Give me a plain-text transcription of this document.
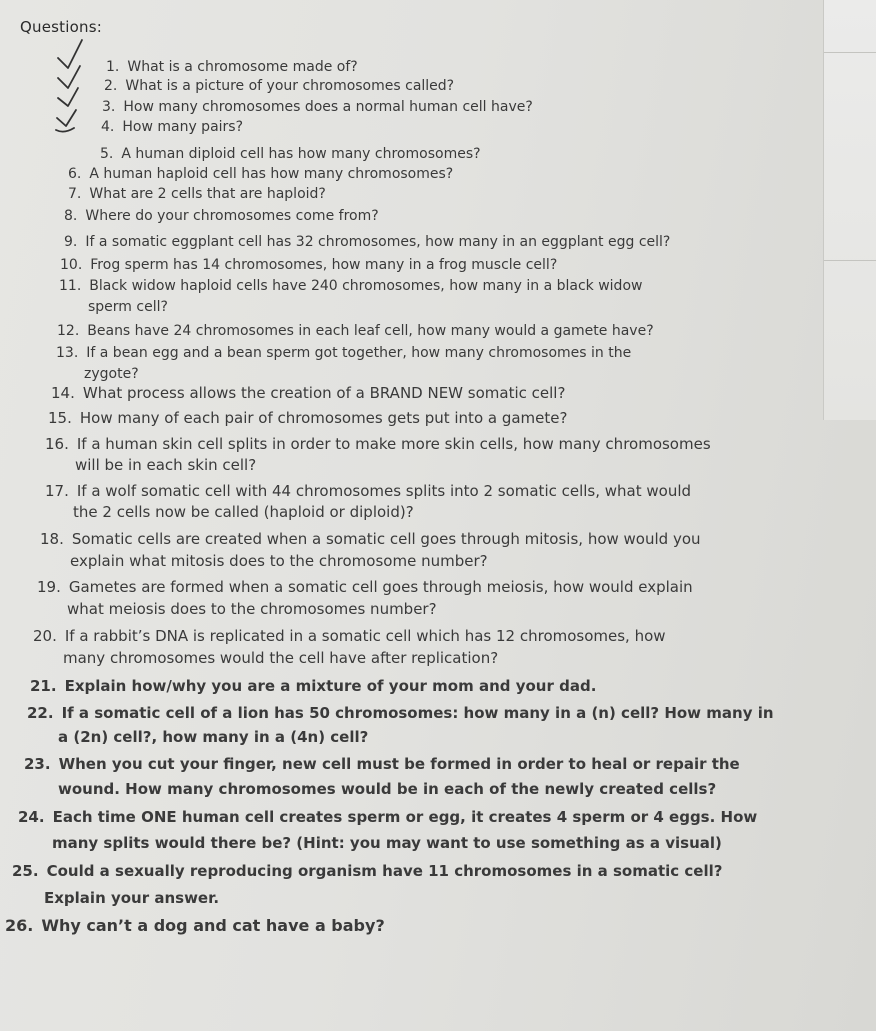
Questions:
1. What is a chromosome made of?
2. What is a picture of your chromosomes called?
3. How many chromosomes does a normal human cell have?
4. How many pairs?
5. A human diploid cell has how many chromosomes?
6. A human haploid cell has how many chromosomes?
7. What are 2 cells that are haploid?
8. Where do your chromosomes come from?
9. If a somatic eggplant cell has 32 chromosomes, how many in an eggplant egg cell?
10. Frog sperm has 14 chromosomes, how many in a frog muscle cell?
11. Black widow haploid cells have 240 chromosomes, how many in a black widow
sperm cell?
12. Beans have 24 chromosomes in each leaf cell, how many would a gamete have?
13. If a bean egg and a bean sperm got together, how many chromosomes in the
zygote?
14. What process allows the creation of a BRAND NEW somatic cell?
15. How many of each pair of chromosomes gets put into a gamete?
16. If a human skin cell splits in order to make more skin cells, how many chromosomes
will be in each skin cell?
17. If a wolf somatic cell with 44 chromosomes splits into 2 somatic cells, what would
the 2 cells now be called (haploid or diploid)?
18. Somatic cells are created when a somatic cell goes through mitosis, how would you
explain what mitosis does to the chromosome number?
19. Gametes are formed when a somatic cell goes through meiosis, how would explain
what meiosis does to the chromosomes number?
20. If a rabbit’s DNA is replicated in a somatic cell which has 12 chromosomes, how
many chromosomes would the cell have after replication?
21. Explain how/why you are a mixture of your mom and your dad.
22. If a somatic cell of a lion has 50 chromosomes: how many in a (n) cell? How many in
a (2n) cell?, how many in a (4n) cell?
23. When you cut your finger, new cell must be formed in order to heal or repair the
wound. How many chromosomes would be in each of the newly created cells?
24. Each time ONE human cell creates sperm or egg, it creates 4 sperm or 4 eggs. How
many splits would there be? (Hint: you may want to use something as a visual)
25. Could a sexually reproducing organism have 11 chromosomes in a somatic cell?
Explain your answer.
26. Why can’t a dog and cat have a baby?
